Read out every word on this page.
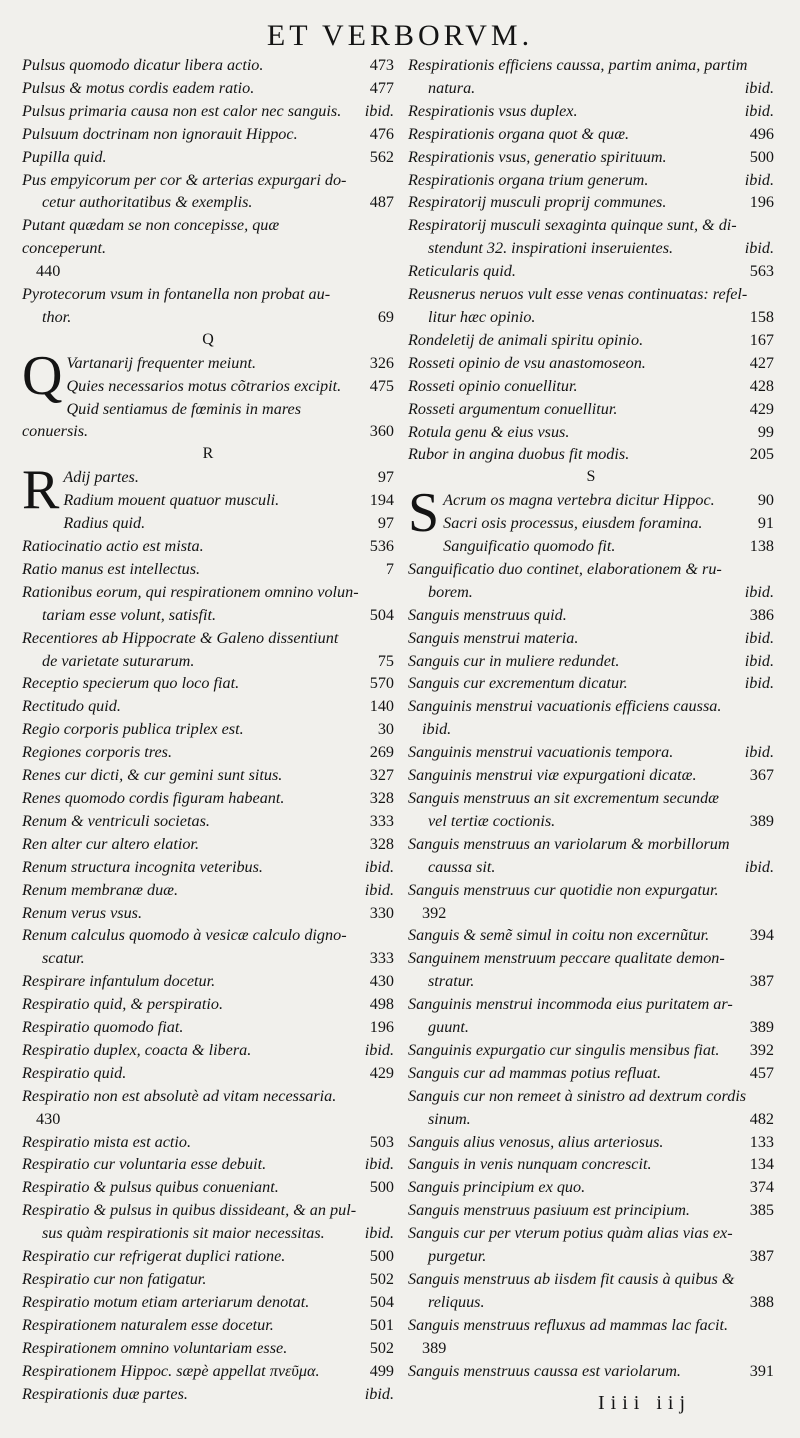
ET VERBORVM.
Pulsus quomodo dicatur libera actio.	473
Pulsus & motus cordis eadem ratio.	477
Pulsus primaria causa non est calor nec sanguis.	ibid.
Pulsuum doctrinam non ignorauit Hippoc.	476
Pupilla quid.	562
Pus empyicorum per cor & arterias expurgari do-
cetur authoritatibus & exemplis.	487
Putant quædam se non concepisse, quæ conceperunt.
440
Pyrotecorum vsum in fontanella non probat au-
thor.	69
Q
Q Vartanarij frequenter meiunt.	326
Quies necessarios motus cõtrarios excipit.	475
Quid sentiamus de fœminis in mares conuersis.	360
R
R Adij partes.	97
Radium mouent quatuor musculi.	194
Radius quid.	97
Ratiocinatio actio est mista.	536
Ratio manus est intellectus.	7
Rationibus eorum, qui respirationem omnino volun-
tariam esse volunt, satisfit.	504
Recentiores ab Hippocrate & Galeno dissentiunt
de varietate suturarum.	75
Receptio specierum quo loco fiat.	570
Rectitudo quid.	140
Regio corporis publica triplex est.	30
Regiones corporis tres.	269
Renes cur dicti, & cur gemini sunt situs.	327
Renes quomodo cordis figuram habeant.	328
Renum & ventriculi societas.	333
Ren alter cur altero elatior.	328
Renum structura incognita veteribus.	ibid.
Renum membranæ duæ.	ibid.
Renum verus vsus.	330
Renum calculus quomodo à vesicæ calculo digno-
scatur.	333
Respirare infantulum docetur.	430
Respiratio quid, & perspiratio.	498
Respiratio quomodo fiat.	196
Respiratio duplex, coacta & libera.	ibid.
Respiratio quid.	429
Respiratio non est absolutè ad vitam necessaria.
430
Respiratio mista est actio.	503
Respiratio cur voluntaria esse debuit.	ibid.
Respiratio & pulsus quibus conueniant.	500
Respiratio & pulsus in quibus dissideant, & an pul-
sus quàm respirationis sit maior necessitas.	ibid.
Respiratio cur refrigerat duplici ratione.	500
Respiratio cur non fatigatur.	502
Respiratio motum etiam arteriarum denotat.	504
Respirationem naturalem esse docetur.	501
Respirationem omnino voluntariam esse.	502
Respirationem Hippoc. sæpè appellat πνεῦμα.	499
Respirationis duæ partes.	ibid.
Respirationis efficiens caussa, partim anima, partim
natura.	ibid.
Respirationis vsus duplex.	ibid.
Respirationis organa quot & quæ.	496
Respirationis vsus, generatio spirituum.	500
Respirationis organa trium generum.	ibid.
Respiratorij musculi proprij communes.	196
Respiratorij musculi sexaginta quinque sunt, & di-
stendunt 32. inspirationi inseruientes.	ibid.
Reticularis quid.	563
Reusnerus neruos vult esse venas continuatas: refel-
litur hæc opinio.	158
Rondeletij de animali spiritu opinio.	167
Rosseti opinio de vsu anastomoseon.	427
Rosseti opinio conuellitur.	428
Rosseti argumentum conuellitur.	429
Rotula genu & eius vsus.	99
Rubor in angina duobus fit modis.	205
S
S Acrum os magna vertebra dicitur Hippoc.	90
Sacri osis processus, eiusdem foramina.	91
Sanguificatio quomodo fit.	138
Sanguificatio duo continet, elaborationem & ru-
borem.	ibid.
Sanguis menstruus quid.	386
Sanguis menstrui materia.	ibid.
Sanguis cur in muliere redundet.	ibid.
Sanguis cur excrementum dicatur.	ibid.
Sanguinis menstrui vacuationis efficiens caussa.
ibid.
Sanguinis menstrui vacuationis tempora.	ibid.
Sanguinis menstrui viæ expurgationi dicatæ.	367
Sanguis menstruus an sit excrementum secundæ
vel tertiæ coctionis.	389
Sanguis menstruus an variolarum & morbillorum
caussa sit.	ibid.
Sanguis menstruus cur quotidie non expurgatur.
392
Sanguis & semẽ simul in coitu non excernũtur.	394
Sanguinem menstruum peccare qualitate demon-
stratur.	387
Sanguinis menstrui incommoda eius puritatem ar-
guunt.	389
Sanguinis expurgatio cur singulis mensibus fiat.	392
Sanguis cur ad mammas potius refluat.	457
Sanguis cur non remeet à sinistro ad dextrum cordis
sinum.	482
Sanguis alius venosus, alius arteriosus.	133
Sanguis in venis nunquam concrescit.	134
Sanguis principium ex quo.	374
Sanguis menstruus pasiuum est principium.	385
Sanguis cur per vterum potius quàm alias vias ex-
purgetur.	387
Sanguis menstruus ab iisdem fit causis à quibus &
reliquus.	388
Sanguis menstruus refluxus ad mammas lac facit.
389
Sanguis menstruus caussa est variolarum.	391
Iiii iij
